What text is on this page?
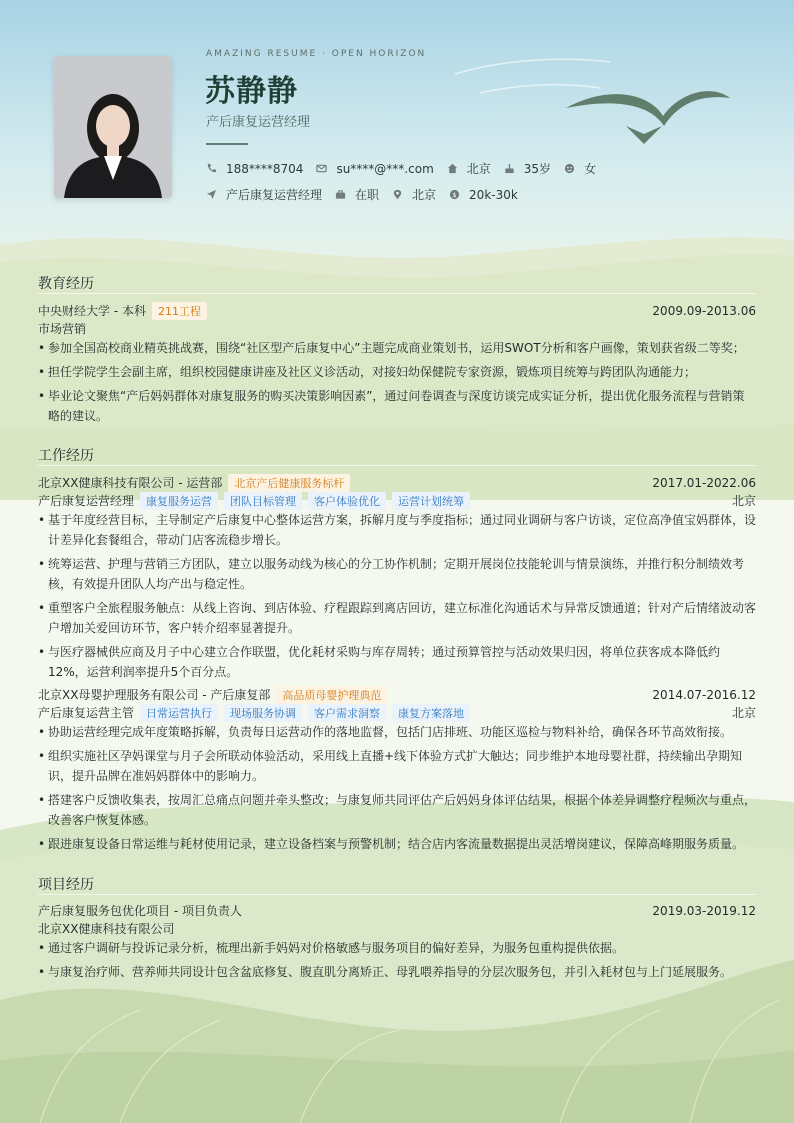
AMAZING RESUME · OPEN HORIZON
苏静静
产后康复运营经理
188****8704	su****@***.com	北京	35岁	女
产后康复运营经理	在职	北京 $ 20k-30k
教育经历
中央财经大学 - 本科	211工程	2009.09-2013.06
市场营销
• 参加全国高校商业精英挑战赛，围绕“社区型产后康复中心”主题完成商业策划书，运用SWOT分析和客户画像，策划获省级二等奖；
• 担任学院学生会副主席，组织校园健康讲座及社区义诊活动，对接妇幼保健院专家资源，锻炼项目统筹与跨团队沟通能力；
• 毕业论文聚焦“产后妈妈群体对康复服务的购买决策影响因素”，通过问卷调查与深度访谈完成实证分析，提出优化服务流程与营销策略的建议。
工作经历
北京XX健康科技有限公司 - 运营部	北京产后健康服务标杆	2017.01-2022.06
产后康复运营经理	康复服务运营	团队目标管理	客户体验优化	运营计划统筹	北京
• 基于年度经营目标，主导制定产后康复中心整体运营方案，拆解月度与季度指标；通过同业调研与客户访谈，定位高净值宝妈群体，设计差异化套餐组合，带动门店客流稳步增长。
• 统筹运营、护理与营销三方团队，建立以服务动线为核心的分工协作机制；定期开展岗位技能轮训与情景演练，并推行积分制绩效考核，有效提升团队人均产出与稳定性。
• 重塑客户全旅程服务触点：从线上咨询、到店体验、疗程跟踪到离店回访，建立标准化沟通话术与异常反馈通道；针对产后情绪波动客户增加关爱回访环节，客户转介绍率显著提升。
• 与医疗器械供应商及月子中心建立合作联盟，优化耗材采购与库存周转；通过预算管控与活动效果归因，将单位获客成本降低约12%，运营利润率提升5个百分点。
北京XX母婴护理服务有限公司 - 产后康复部	高品质母婴护理典范	2014.07-2016.12
产后康复运营主管	日常运营执行	现场服务协调	客户需求洞察	康复方案落地	北京
• 协助运营经理完成年度策略拆解，负责每日运营动作的落地监督，包括门店排班、功能区巡检与物料补给，确保各环节高效衔接。
• 组织实施社区孕妈课堂与月子会所联动体验活动，采用线上直播+线下体验方式扩大触达；同步维护本地母婴社群，持续输出孕期知识，提升品牌在准妈妈群体中的影响力。
• 搭建客户反馈收集表，按周汇总痛点问题并牵头整改；与康复师共同评估产后妈妈身体评估结果，根据个体差异调整疗程频次与重点，改善客户恢复体感。
• 跟进康复设备日常运维与耗材使用记录，建立设备档案与预警机制；结合店内客流量数据提出灵活增岗建议，保障高峰期服务质量。
项目经历
产后康复服务包优化项目 - 项目负责人	2019.03-2019.12
北京XX健康科技有限公司
• 通过客户调研与投诉记录分析，梳理出新手妈妈对价格敏感与服务项目的偏好差异，为服务包重构提供依据。
• 与康复治疗师、营养师共同设计包含盆底修复、腹直肌分离矫正、母乳喂养指导的分层次服务包，并引入耗材包与上门延展服务。
